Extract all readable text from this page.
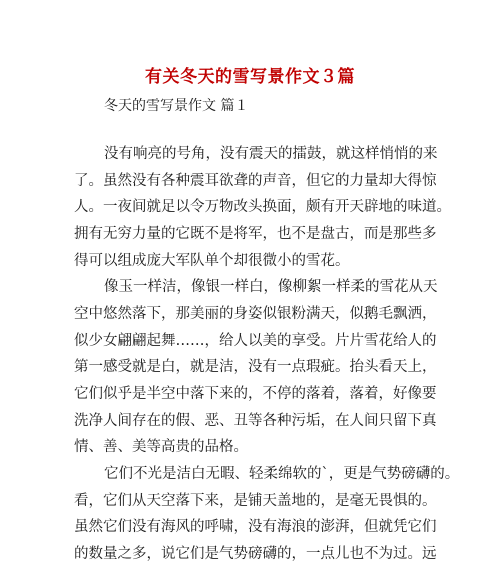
有关冬天的雪写景作文３篇
冬天的雪写景作文 篇１
没有响亮的号角，没有震天的擂鼓，就这样悄悄的来
了。虽然没有各种震耳欲聋的声音，但它的力量却大得惊
人。一夜间就足以令万物改头换面，颇有开天辟地的味道。
拥有无穷力量的它既不是将军，也不是盘古，而是那些多
得可以组成庞大军队单个却很微小的雪花。
像玉一样洁，像银一样白，像柳絮一样柔的雪花从天
空中悠然落下，那美丽的身姿似银粉满天，似鹅毛飘洒，
似少女翩翩起舞……，给人以美的享受。片片雪花给人的
第一感受就是白，就是洁，没有一点瑕疵。抬头看天上，
它们似乎是半空中落下来的，不停的落着，落着，好像要
洗净人间存在的假、恶、丑等各种污垢，在人间只留下真
情、善、美等高贵的品格。
它们不光是洁白无暇、轻柔绵软的`，更是气势磅礴的。
看，它们从天空落下来，是铺天盖地的，是毫无畏惧的。
虽然它们没有海风的呼啸，没有海浪的澎湃，但就凭它们
的数量之多，说它们是气势磅礴的，一点儿也不为过。远
